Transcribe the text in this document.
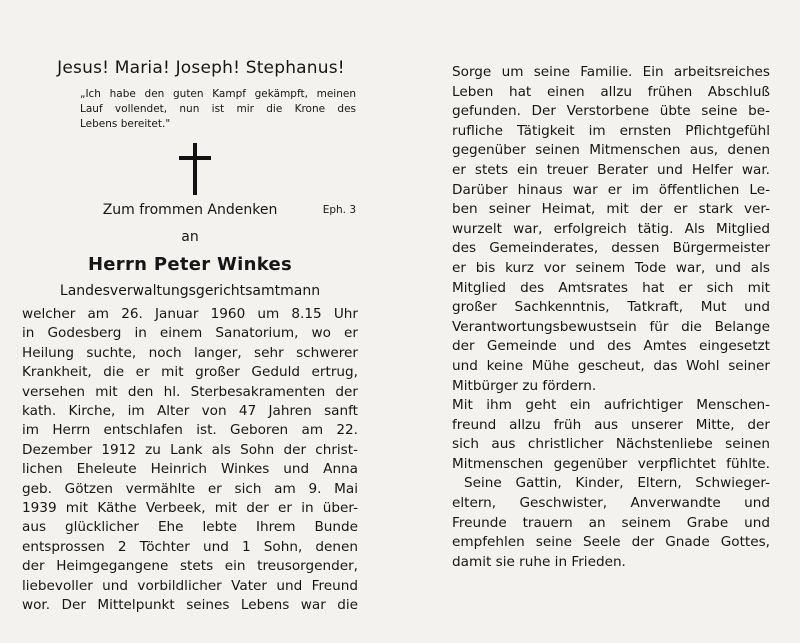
Jesus! Maria! Joseph! Stephanus!
„Ich habe den guten Kampf gekämpft, meinen
Lauf vollendet, nun ist mir die Krone des
Lebens bereitet."
Eph. 3
Zum frommen Andenken
an
Herrn Peter Winkes
Landesverwaltungsgerichtsamtmann
welcher am 26. Januar 1960 um 8.15 Uhr
in Godesberg in einem Sanatorium, wo er
Heilung suchte, noch langer, sehr schwerer
Krankheit, die er mit großer Geduld ertrug,
versehen mit den hl. Sterbesakramenten der
kath. Kirche, im Alter von 47 Jahren sanft
im Herrn entschlafen ist. Geboren am 22.
Dezember 1912 zu Lank als Sohn der christ-
lichen Eheleute Heinrich Winkes und Anna
geb. Götzen vermählte er sich am 9. Mai
1939 mit Käthe Verbeek, mit der er in über-
aus glücklicher Ehe lebte Ihrem Bunde
entsprossen 2 Töchter und 1 Sohn, denen
der Heimgegangene stets ein treusorgender,
liebevoller und vorbildlicher Vater und Freund
wor. Der Mittelpunkt seines Lebens war die
Sorge um seine Familie. Ein arbeitsreiches
Leben hat einen allzu frühen Abschluß
gefunden. Der Verstorbene übte seine be-
rufliche Tätigkeit im ernsten Pflichtgefühl
gegenüber seinen Mitmenschen aus, denen
er stets ein treuer Berater und Helfer war.
Darüber hinaus war er im öffentlichen Le-
ben seiner Heimat, mit der er stark ver-
wurzelt war, erfolgreich tätig. Als Mitglied
des Gemeinderates, dessen Bürgermeister
er bis kurz vor seinem Tode war, und als
Mitglied des Amtsrates hat er sich mit
großer Sachkenntnis, Tatkraft, Mut und
Verantwortungsbewustsein für die Belange
der Gemeinde und des Amtes eingesetzt
und keine Mühe gescheut, das Wohl seiner
Mitbürger zu fördern.
Mit ihm geht ein aufrichtiger Menschen-
freund allzu früh aus unserer Mitte, der
sich aus christlicher Nächstenliebe seinen
Mitmenschen gegenüber verpflichtet fühlte.
Seine Gattin, Kinder, Eltern, Schwieger-
eltern, Geschwister, Anverwandte und
Freunde trauern an seinem Grabe und
empfehlen seine Seele der Gnade Gottes,
damit sie ruhe in Frieden.
